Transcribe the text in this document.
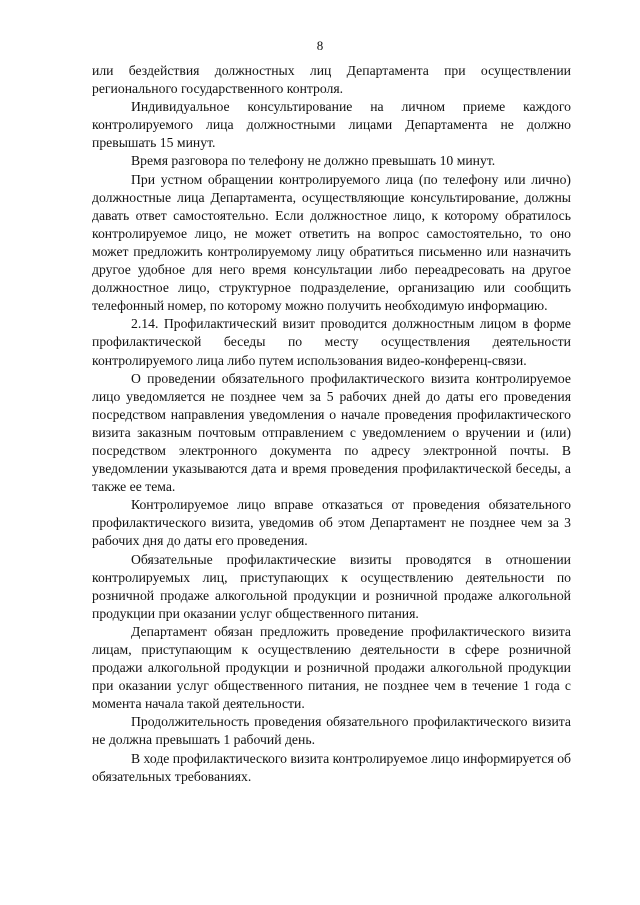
8

или бездействия должностных лиц Департамента при осуществлении регионального государственного контроля.

Индивидуальное консультирование на личном приеме каждого контролируемого лица должностными лицами Департамента не должно превышать 15 минут.

Время разговора по телефону не должно превышать 10 минут.

При устном обращении контролируемого лица (по телефону или лично) должностные лица Департамента, осуществляющие консультирование, должны давать ответ самостоятельно. Если должностное лицо, к которому обратилось контролируемое лицо, не может ответить на вопрос самостоятельно, то оно может предложить контролируемому лицу обратиться письменно или назначить другое удобное для него время консультации либо переадресовать на другое должностное лицо, структурное подразделение, организацию или сообщить телефонный номер, по которому можно получить необходимую информацию.

2.14. Профилактический визит проводится должностным лицом в форме профилактической беседы по месту осуществления деятельности контролируемого лица либо путем использования видео-конференц-связи.

О проведении обязательного профилактического визита контролируемое лицо уведомляется не позднее чем за 5 рабочих дней до даты его проведения посредством направления уведомления о начале проведения профилактического визита заказным почтовым отправлением с уведомлением о вручении и (или) посредством электронного документа по адресу электронной почты. В уведомлении указываются дата и время проведения профилактической беседы, а также ее тема.

Контролируемое лицо вправе отказаться от проведения обязательного профилактического визита, уведомив об этом Департамент не позднее чем за 3 рабочих дня до даты его проведения.

Обязательные профилактические визиты проводятся в отношении контролируемых лиц, приступающих к осуществлению деятельности по розничной продаже алкогольной продукции и розничной продаже алкогольной продукции при оказании услуг общественного питания.

Департамент обязан предложить проведение профилактического визита лицам, приступающим к осуществлению деятельности в сфере розничной продажи алкогольной продукции и розничной продажи алкогольной продукции при оказании услуг общественного питания, не позднее чем в течение 1 года с момента начала такой деятельности.

Продолжительность проведения обязательного профилактического визита не должна превышать 1 рабочий день.

В ходе профилактического визита контролируемое лицо информируется об обязательных требованиях.
